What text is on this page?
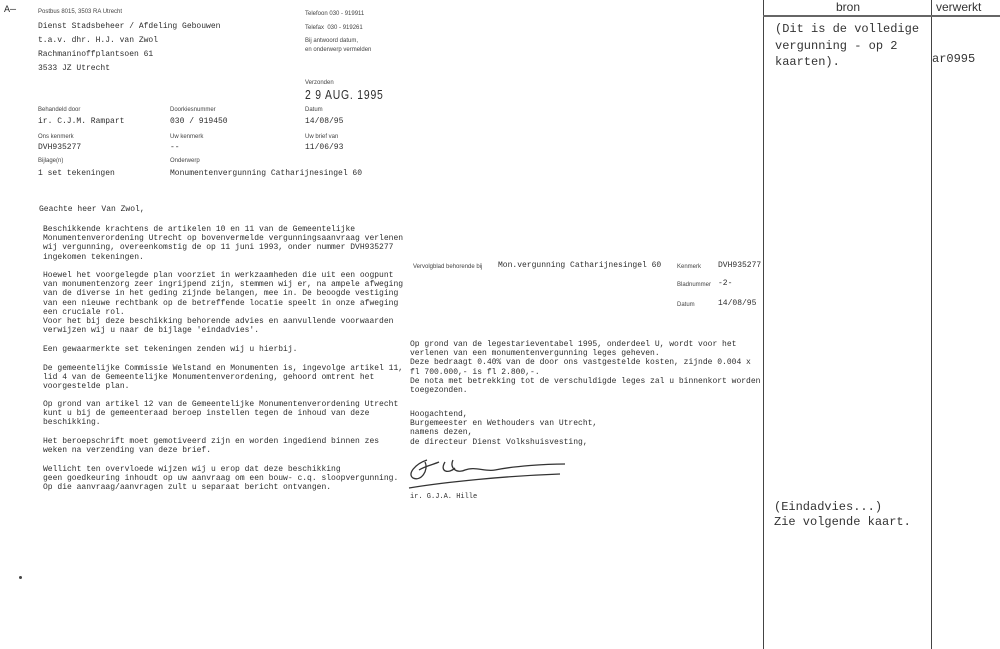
A—	Postbus 8015, 3503 RA Utrecht
Dienst Stadsbeheer / Afdeling Gebouwen
t.a.v. dhr. H.J. van Zwol
Rachmaninoffplantsoen 61
3533 JZ Utrecht
Telefoon 030 - 919911
Telefax  030 - 919261
Bij antwoord datum,
en onderwerp vermelden
Verzonden
2 9 AUG. 1995
Behandeld door
ir. C.J.M. Rampart
Doorkiesnummer
030 / 919450
Datum
14/08/95
Ons kenmerk
DVH935277
Uw kenmerk
--
Uw brief van
11/06/93
Bijlage(n)
1 set tekeningen
Onderwerp
Monumentenvergunning Catharijnesingel 60
Geachte heer Van Zwol,
Beschikkende krachtens de artikelen 10 en 11 van de Gemeentelijke
Monumentenverordening Utrecht op bovenvermelde vergunningsaanvraag verlenen
wij vergunning, overeenkomstig de op 11 juni 1993, onder nummer DVH935277
ingekomen tekeningen.
Hoewel het voorgelegde plan voorziet in werkzaamheden die uit een oogpunt
van monumentenzorg zeer ingrijpend zijn, stemmen wij er, na ampele afweging
van de diverse in het geding zijnde belangen, mee in. De beoogde vestiging
van een nieuwe rechtbank op de betreffende locatie speelt in onze afweging
een cruciale rol.
Voor het bij deze beschikking behorende advies en aanvullende voorwaarden
verwijzen wij u naar de bijlage 'eindadvies'.
Een gewaarmerkte set tekeningen zenden wij u hierbij.
De gemeentelijke Commissie Welstand en Monumenten is, ingevolge artikel 11,
lid 4 van de Gemeentelijke Monumentenverordening, gehoord omtrent het
voorgestelde plan.
Op grond van artikel 12 van de Gemeentelijke Monumentenverordening Utrecht
kunt u bij de gemeenteraad beroep instellen tegen de inhoud van deze
beschikking.
Het beroepschrift moet gemotiveerd zijn en worden ingediend binnen zes
weken na verzending van deze brief.
Wellicht ten overvloede wijzen wij u erop dat deze beschikking
geen goedkeuring inhoudt op uw aanvraag om een bouw- c.q. sloopvergunning.
Op die aanvraag/aanvragen zult u separaat bericht ontvangen.
Vervolgblad behorende bij Mon.vergunning Catharijnesingel 60	Kenmerk DVH935277
Bladnummer -2-
Datum	14/08/95
Op grond van de legestarieventabel 1995, onderdeel U, wordt voor het
verlenen van een monumentenvergunning leges geheven.
Deze bedraagt 0.40% van de door ons vastgestelde kosten, zijnde 0.004 x
fl 700.000,- is fl 2.800,-.
De nota met betrekking tot de verschuldigde leges zal u binnenkort worden
toegezonden.
Hoogachtend,
Burgemeester en Wethouders van Utrecht,
namens dezen,
de directeur Dienst Volkshuisvesting,
ir. G.J.A. Hille
bron	verwerkt
(Dit is de volledige
vergunning - op 2
kaarten).	ar0995
(Eindadvies...)
Zie volgende kaart.
